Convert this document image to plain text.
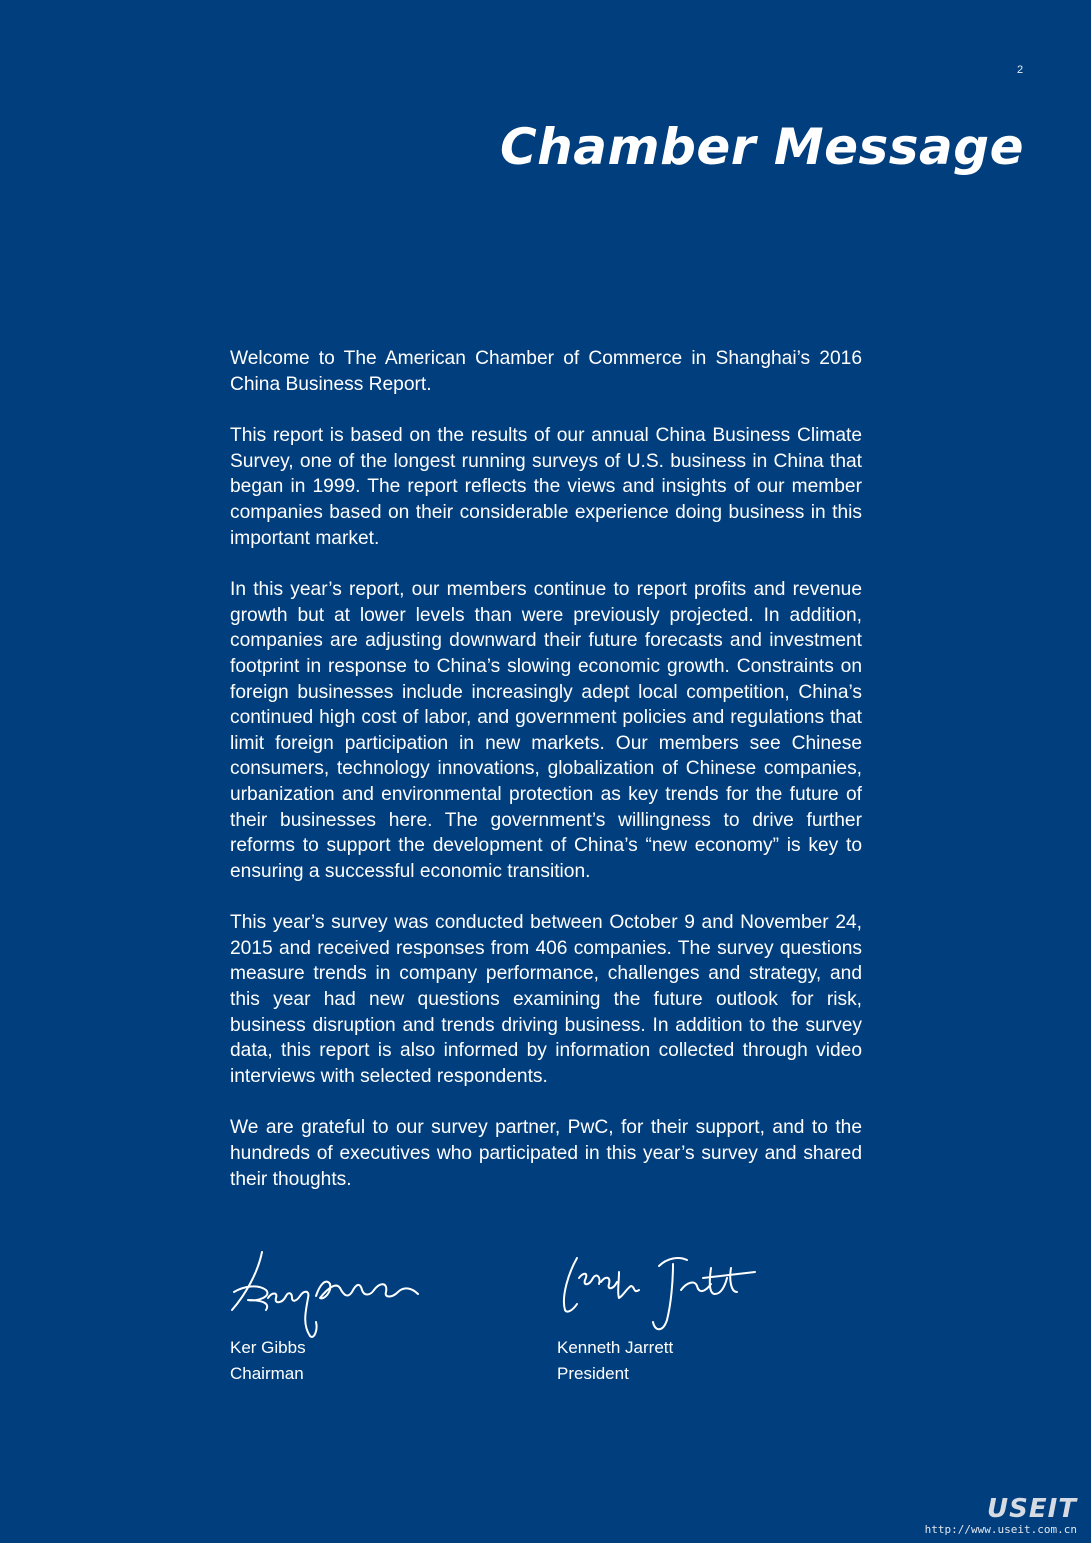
2
Chamber Message

Welcome to The American Chamber of Commerce in Shanghai’s 2016 China Business Report.

This report is based on the results of our annual China Business Climate Survey, one of the longest running surveys of U.S. business in China that began in 1999. The report reflects the views and insights of our member companies based on their considerable experience doing business in this important market.

In this year’s report, our members continue to report profits and revenue growth but at lower levels than were previously projected. In addition, companies are adjusting downward their future forecasts and investment footprint in response to China’s slowing economic growth. Constraints on foreign businesses include increasingly adept local competition, China’s continued high cost of labor, and government policies and regulations that limit foreign participation in new markets. Our members see Chinese consumers, technology innovations, globalization of Chinese companies, urbanization and environmental protection as key trends for the future of their businesses here. The government’s willingness to drive further reforms to support the development of China’s “new economy” is key to ensuring a successful economic transition.

This year’s survey was conducted between October 9 and November 24, 2015 and received responses from 406 companies. The survey questions measure trends in company performance, challenges and strategy, and this year had new questions examining the future outlook for risk, business disruption and trends driving business. In addition to the survey data, this report is also informed by information collected through video interviews with selected respondents.

We are grateful to our survey partner, PwC, for their support, and to the hundreds of executives who participated in this year’s survey and shared their thoughts.

Ker Gibbs
Chairman
Kenneth Jarrett
President
USEIT
http://www.useit.com.cn
